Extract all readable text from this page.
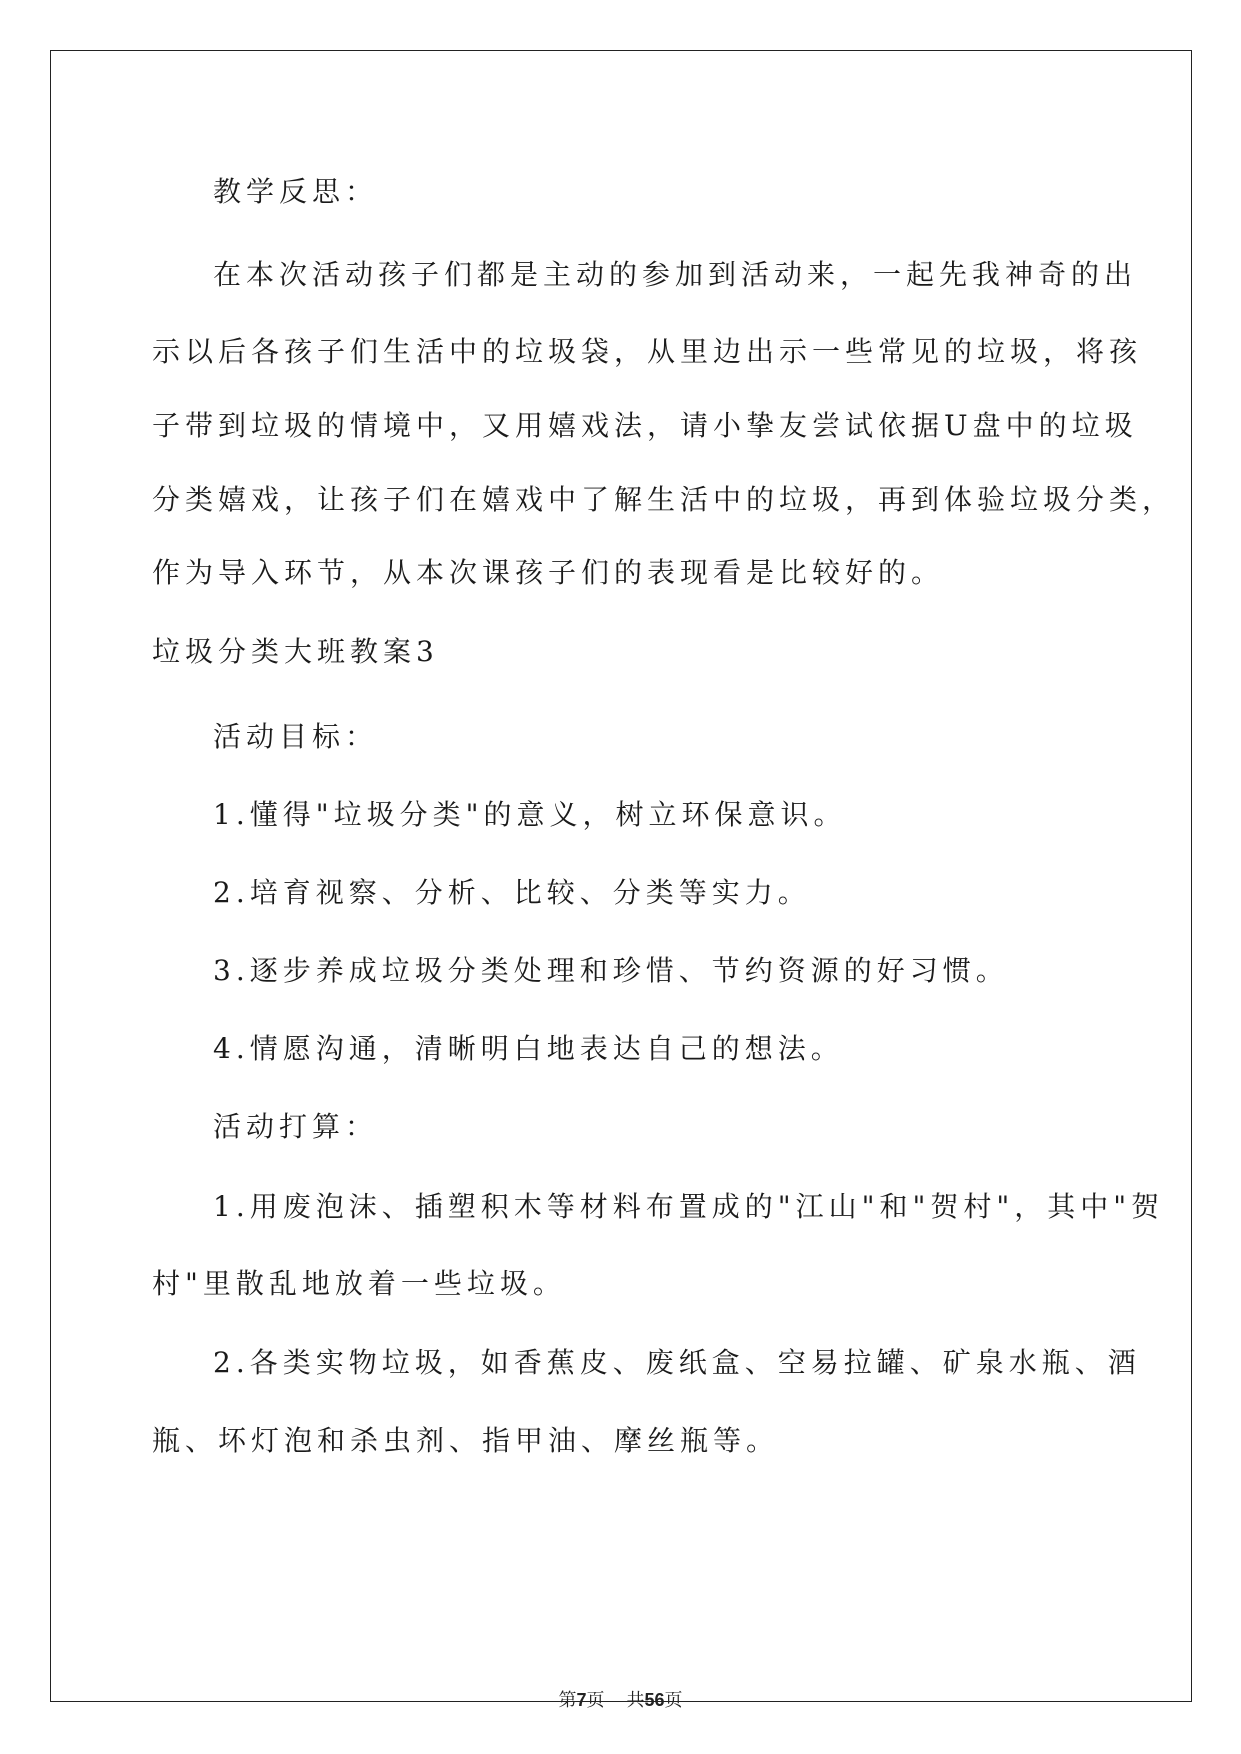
教学反思：
在本次活动孩子们都是主动的参加到活动来，一起先我神奇的出
示以后各孩子们生活中的垃圾袋，从里边出示一些常见的垃圾，将孩
子带到垃圾的情境中，又用嬉戏法，请小挚友尝试依据U盘中的垃圾
分类嬉戏，让孩子们在嬉戏中了解生活中的垃圾，再到体验垃圾分类，
作为导入环节，从本次课孩子们的表现看是比较好的。
垃圾分类大班教案3
活动目标：
1.懂得"垃圾分类"的意义，树立环保意识。
2.培育视察、分析、比较、分类等实力。
3.逐步养成垃圾分类处理和珍惜、节约资源的好习惯。
4.情愿沟通，清晰明白地表达自己的想法。
活动打算：
1.用废泡沫、插塑积木等材料布置成的"江山"和"贺村"，其中"贺
村"里散乱地放着一些垃圾。
2.各类实物垃圾，如香蕉皮、废纸盒、空易拉罐、矿泉水瓶、酒
瓶、坏灯泡和杀虫剂、指甲油、摩丝瓶等。
第7页 共56页
